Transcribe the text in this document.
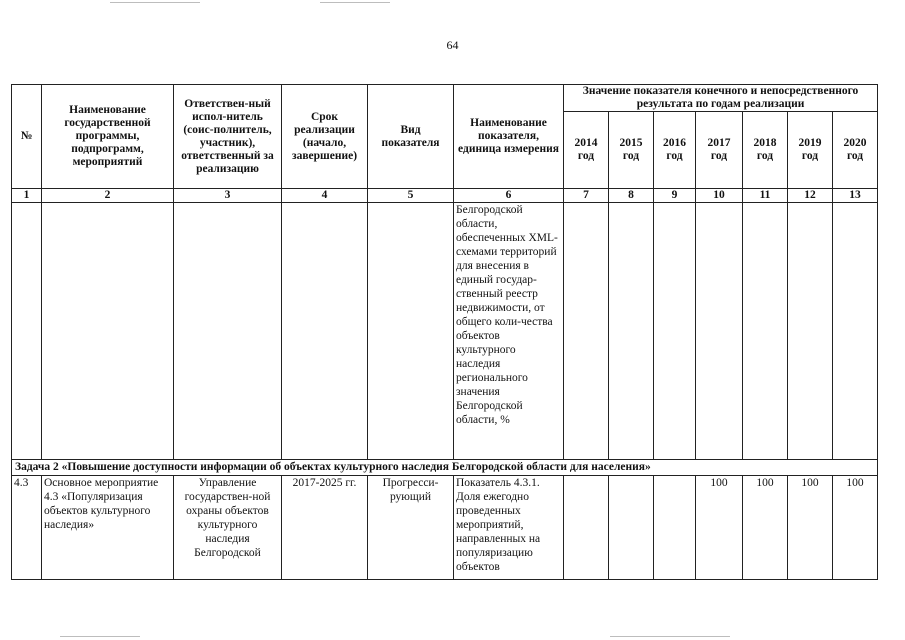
64
№	Наименование государственной программы, подпрограмм, мероприятий	Ответствен-ный испол-нитель (соис-полнитель, участник), ответственный за реализацию	Срок реализации (начало, завершение)	Вид показателя	Наименование показателя, единица измерения	Значение показателя конечного и непосредственного результата по годам реализации						
						2014 год	2015 год	2016 год	2017 год	2018 год	2019 год	2020 год
1	2	3	4	5	6	7	8	9	10	11	12	13
					Белгородской области, обеспеченных XML-схемами территорий для внесения в единый государ-ственный реестр недвижимости, от общего коли-чества объектов культурного наследия регионального значения Белгородской области, %							
Задача 2 «Повышение доступности информации об объектах культурного наследия Белгородской области для населения»												
4.3	Основное мероприятие 4.3 «Популяризация объектов культурного наследия»	Управление государствен-ной охраны объектов культурного наследия Белгородской	2017-2025 гг.	Прогресси-рующий	Показатель 4.3.1. Доля ежегодно проведенных мероприятий, направленных на популяризацию объектов				100	100	100	100
